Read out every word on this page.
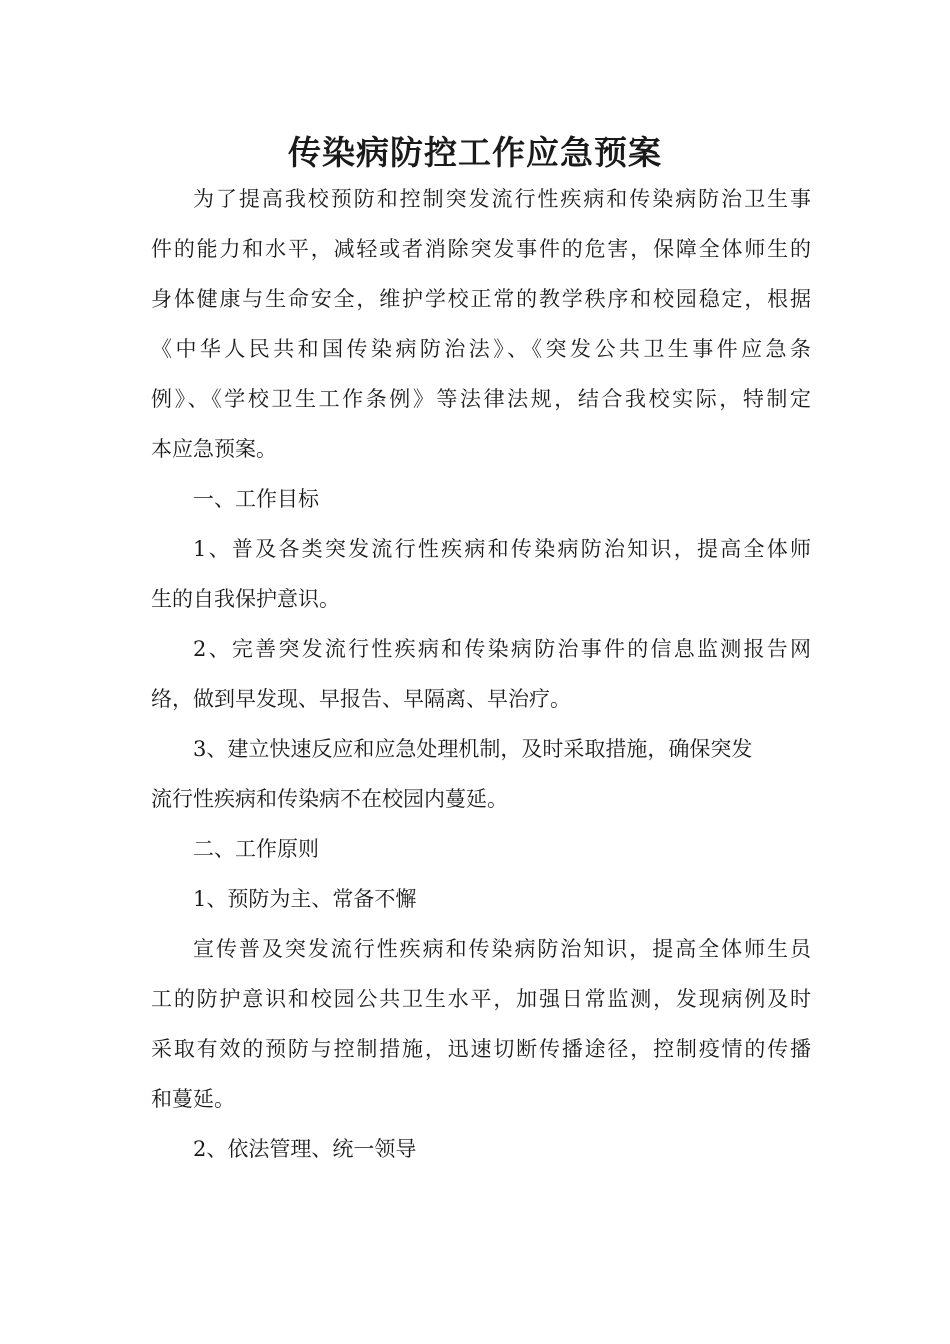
传染病防控工作应急预案

为了提高我校预防和控制突发流行性疾病和传染病防治卫生事

件的能力和水平，减轻或者消除突发事件的危害，保障全体师生的

身体健康与生命安全，维护学校正常的教学秩序和校园稳定，根据

《中华人民共和国传染病防治法》、《突发公共卫生事件应急条

例》、《学校卫生工作条例》等法律法规，结合我校实际，特制定

本应急预案。

一、工作目标

1、普及各类突发流行性疾病和传染病防治知识，提高全体师

生的自我保护意识。

2、完善突发流行性疾病和传染病防治事件的信息监测报告网

络，做到早发现、早报告、早隔离、早治疗。

3、建立快速反应和应急处理机制，及时采取措施，确保突发

流行性疾病和传染病不在校园内蔓延。

二、工作原则

1、预防为主、常备不懈

宣传普及突发流行性疾病和传染病防治知识，提高全体师生员

工的防护意识和校园公共卫生水平，加强日常监测，发现病例及时

采取有效的预防与控制措施，迅速切断传播途径，控制疫情的传播

和蔓延。

2、依法管理、统一领导
